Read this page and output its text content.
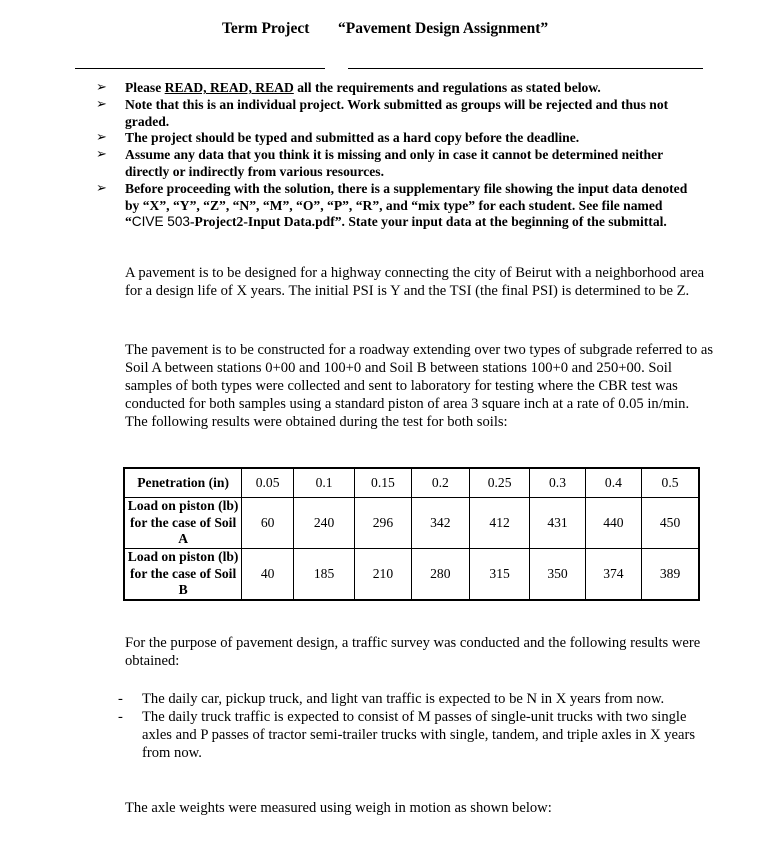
Term Project “Pavement Design Assignment”
➢ Please READ, READ, READ all the requirements and regulations as stated below.
➢ Note that this is an individual project. Work submitted as groups will be rejected and thus not graded.
➢ The project should be typed and submitted as a hard copy before the deadline.
➢ Assume any data that you think it is missing and only in case it cannot be determined neither directly or indirectly from various resources.
➢ Before proceeding with the solution, there is a supplementary file showing the input data denoted by “X”, “Y”, “Z”, “N”, “M”, “O”, “P”, “R”, and “mix type” for each student. See file named “CIVE 503-Project2-Input Data.pdf”. State your input data at the beginning of the submittal.

A pavement is to be designed for a highway connecting the city of Beirut with a neighborhood area for a design life of X years. The initial PSI is Y and the TSI (the final PSI) is determined to be Z.

The pavement is to be constructed for a roadway extending over two types of subgrade referred to as Soil A between stations 0+00 and 100+0 and Soil B between stations 100+0 and 250+00. Soil samples of both types were collected and sent to laboratory for testing where the CBR test was conducted for both samples using a standard piston of area 3 square inch at a rate of 0.05 in/min. The following results were obtained during the test for both soils:

Penetration (in)	0.05	0.1	0.15	0.2	0.25	0.3	0.4	0.5
Load on piston (lb) for the case of Soil A	60	240	296	342	412	431	440	450
Load on piston (lb) for the case of Soil B	40	185	210	280	315	350	374	389

For the purpose of pavement design, a traffic survey was conducted and the following results were obtained:

- The daily car, pickup truck, and light van traffic is expected to be N in X years from now.
- The daily truck traffic is expected to consist of M passes of single-unit trucks with two single axles and P passes of tractor semi-trailer trucks with single, tandem, and triple axles in X years from now.

The axle weights were measured using weigh in motion as shown below:
